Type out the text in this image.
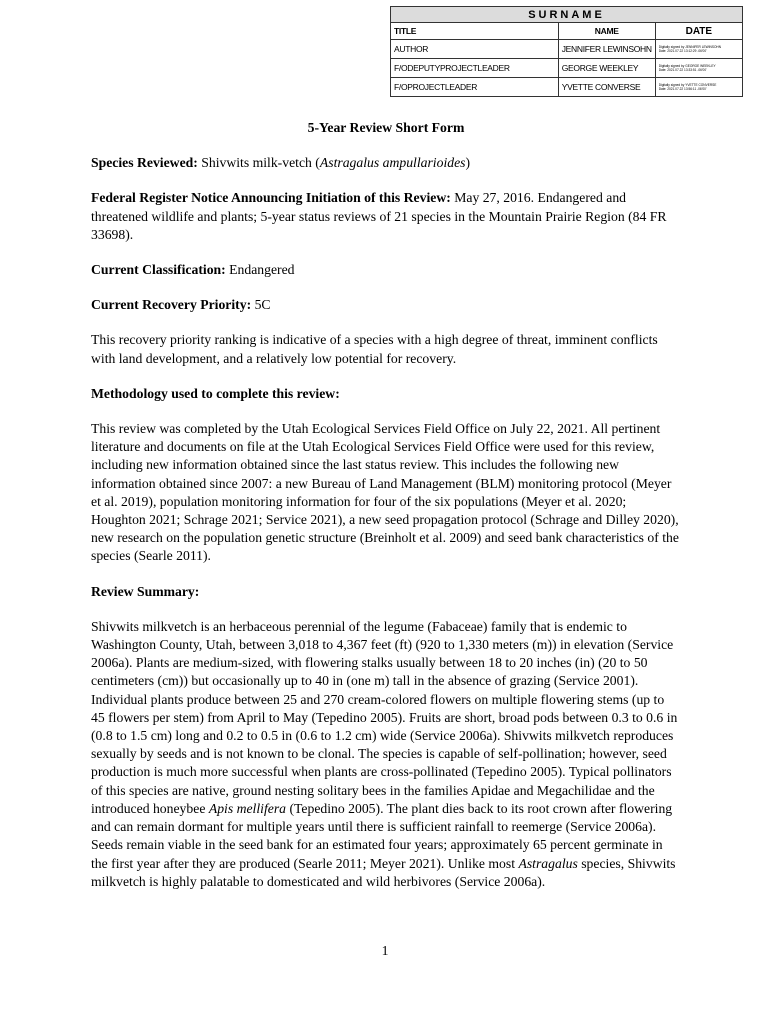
SURNAME		
TITLE	NAME	DATE
AUTHOR	JENNIFER LEWINSOHN	Digitally signed by JENNIFER LEWINSOHN
Date: 2021.07.22 13:12:29 -06'00'

F/ODEPUTYPROJECTLEADER	GEORGE WEEKLEY	Digitally signed by GEORGE WEEKLEY
Date: 2021.07.22 13:33:51 -06'00'

F/OPROJECTLEADER	YVETTE CONVERSE	Digitally signed by YVETTE CONVERSE
Date: 2021.07.22 13:56:11 -06'00'

5-Year Review Short Form

Species Reviewed: Shivwits milk-vetch (Astragalus ampullarioides)

Federal Register Notice Announcing Initiation of this Review: May 27, 2016. Endangered and threatened wildlife and plants; 5-year status reviews of 21 species in the Mountain Prairie Region (84 FR 33698).

Current Classification: Endangered

Current Recovery Priority: 5C

This recovery priority ranking is indicative of a species with a high degree of threat, imminent conflicts with land development, and a relatively low potential for recovery.

Methodology used to complete this review:

This review was completed by the Utah Ecological Services Field Office on July 22, 2021. All pertinent literature and documents on file at the Utah Ecological Services Field Office were used for this review, including new information obtained since the last status review. This includes the following new information obtained since 2007: a new Bureau of Land Management (BLM) monitoring protocol (Meyer et al. 2019), population monitoring information for four of the six populations (Meyer et al. 2020; Houghton 2021; Schrage 2021; Service 2021), a new seed propagation protocol (Schrage and Dilley 2020), new research on the population genetic structure (Breinholt et al. 2009) and seed bank characteristics of the species (Searle 2011).

Review Summary:

Shivwits milkvetch is an herbaceous perennial of the legume (Fabaceae) family that is endemic to Washington County, Utah, between 3,018 to 4,367 feet (ft) (920 to 1,330 meters (m)) in elevation (Service 2006a). Plants are medium-sized, with flowering stalks usually between 18 to 20 inches (in) (20 to 50 centimeters (cm)) but occasionally up to 40 in (one m) tall in the absence of grazing (Service 2001). Individual plants produce between 25 and 270 cream-colored flowers on multiple flowering stems (up to 45 flowers per stem) from April to May (Tepedino 2005). Fruits are short, broad pods between 0.3 to 0.6 in (0.8 to 1.5 cm) long and 0.2 to 0.5 in (0.6 to 1.2 cm) wide (Service 2006a). Shivwits milkvetch reproduces sexually by seeds and is not known to be clonal. The species is capable of self-pollination; however, seed production is much more successful when plants are cross-pollinated (Tepedino 2005). Typical pollinators of this species are native, ground nesting solitary bees in the families Apidae and Megachilidae and the introduced honeybee Apis mellifera (Tepedino 2005). The plant dies back to its root crown after flowering and can remain dormant for multiple years until there is sufficient rainfall to reemerge (Service 2006a). Seeds remain viable in the seed bank for an estimated four years; approximately 65 percent germinate in the first year after they are produced (Searle 2011; Meyer 2021). Unlike most Astragalus species, Shivwits milkvetch is highly palatable to domesticated and wild herbivores (Service 2006a).

1
